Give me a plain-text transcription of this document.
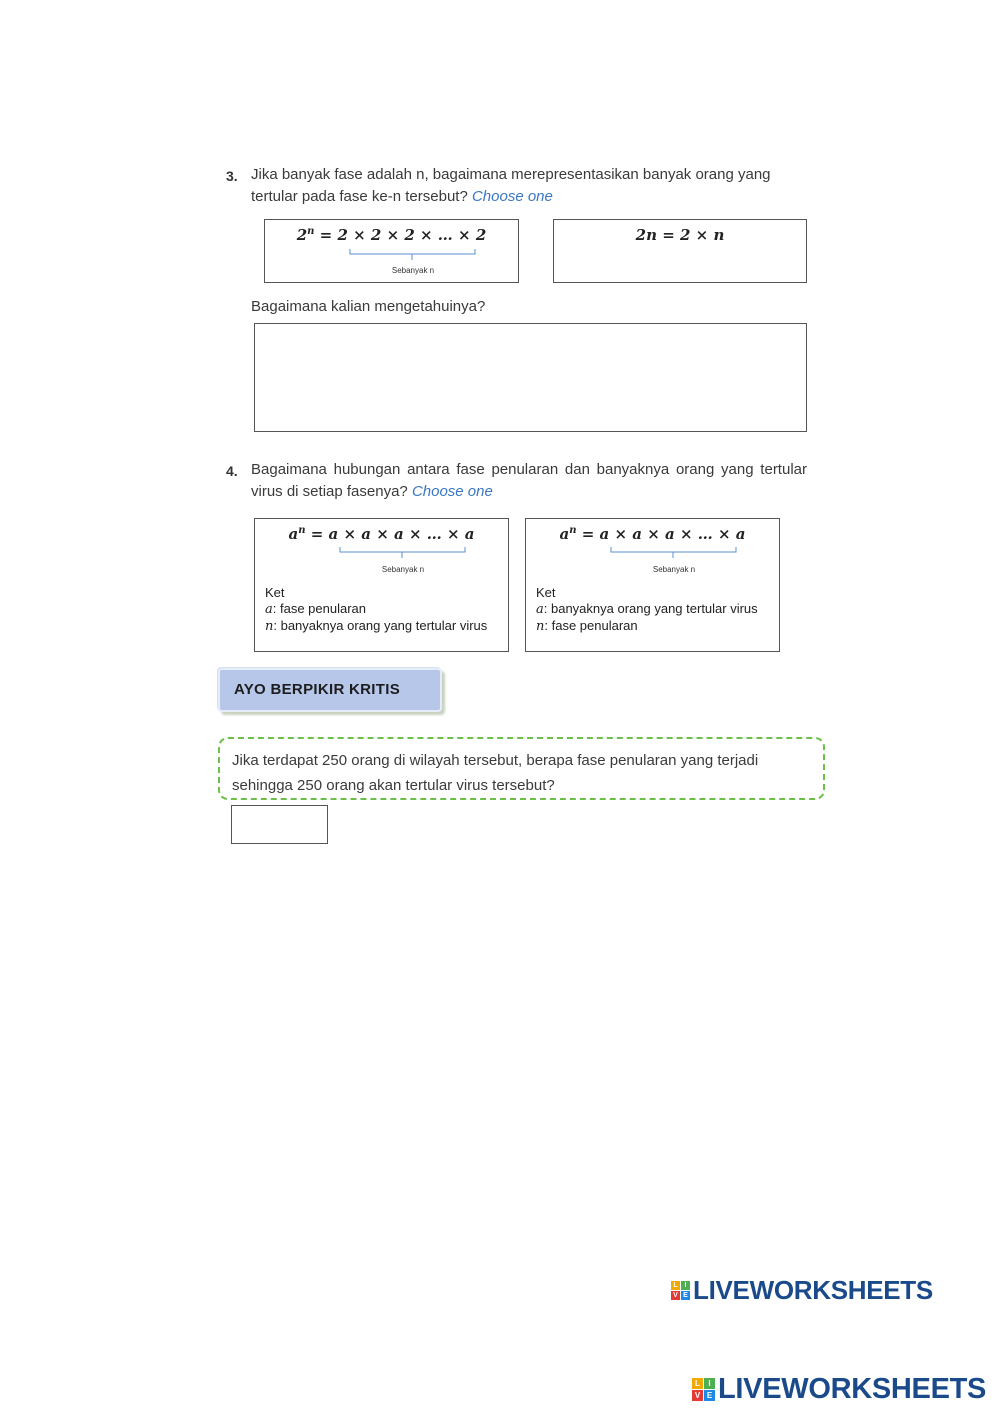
3. Jika banyak fase adalah n, bagaimana merepresentasikan banyak orang yang
tertular pada fase ke-n tersebut? Choose one
$2^n = 2 \times 2 \times 2$ × … × 2
Sebanyak n
2n = 2 × n
Bagaimana kalian mengetahuinya?
4. Bagaimana hubungan antara fase penularan dan banyaknya orang yang tertular
virus di setiap fasenya? Choose one
$a^n = a \times a \times a$ × … × a
Sebanyak n
Ket
a: fase penularan
n: banyaknya orang yang tertular virus
$a^n = a \times a \times a$ × … × a
Sebanyak n
Ket
a: banyaknya orang yang tertular virus
n: fase penularan
AYO BERPIKIR KRITIS
Jika terdapat 250 orang di wilayah tersebut, berapa fase penularan yang terjadi
sehingga 250 orang akan tertular virus tersebut?
L I
V E LIVEWORKSHEETS
L	I
V E LIVEWORKSHEETS
